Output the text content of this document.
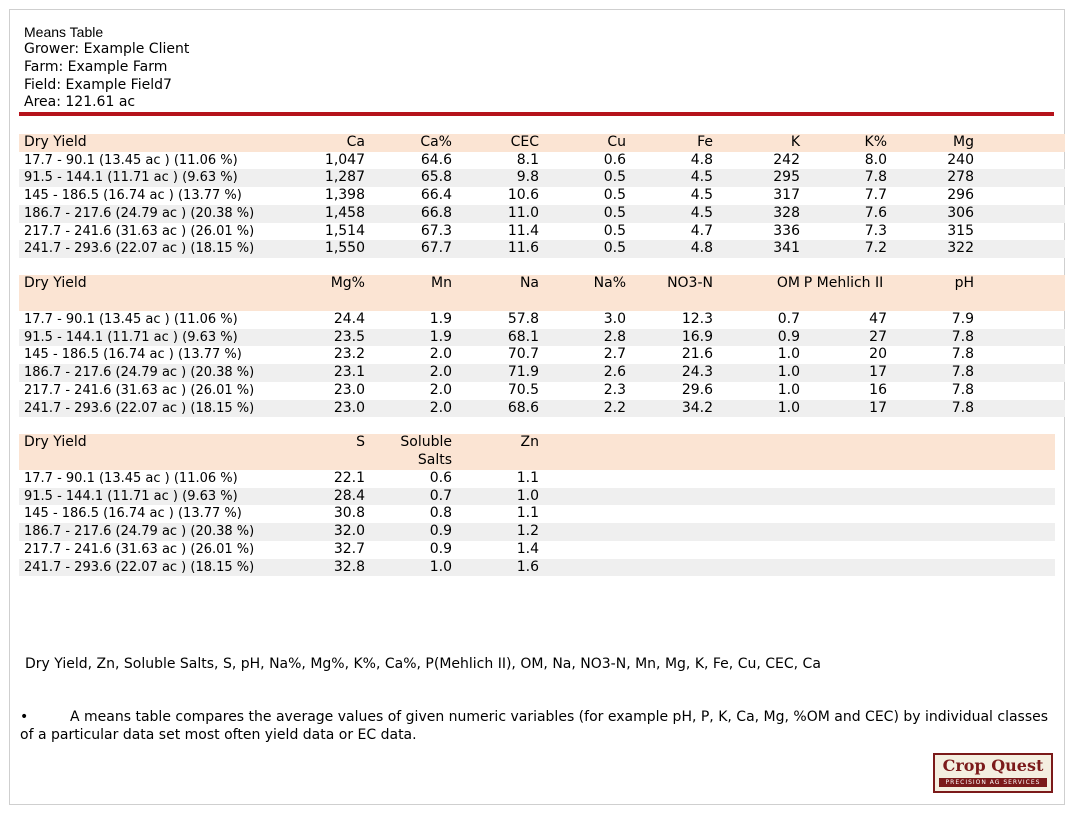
Means Table
Grower: Example Client
Farm: Example Farm
Field: Example Field7
Area: 121.61 ac
Dry Yield	Ca	Ca%	CEC	Cu	Fe	K	K%	Mg	
17.7 - 90.1 (13.45 ac ) (11.06 %)	1,047	64.6	8.1	0.6	4.8	242	8.0	240	
91.5 - 144.1 (11.71 ac ) (9.63 %)	1,287	65.8	9.8	0.5	4.5	295	7.8	278	
145 - 186.5 (16.74 ac ) (13.77 %)	1,398	66.4	10.6	0.5	4.5	317	7.7	296	
186.7 - 217.6 (24.79 ac ) (20.38 %)	1,458	66.8	11.0	0.5	4.5	328	7.6	306	
217.7 - 241.6 (31.63 ac ) (26.01 %)	1,514	67.3	11.4	0.5	4.7	336	7.3	315	
241.7 - 293.6 (22.07 ac ) (18.15 %)	1,550	67.7	11.6	0.5	4.8	341	7.2	322	
Dry Yield	Mg%	Mn	Na	Na%	NO3-N	OM	P Mehlich II	pH	
17.7 - 90.1 (13.45 ac ) (11.06 %)	24.4	1.9	57.8	3.0	12.3	0.7	47	7.9	
91.5 - 144.1 (11.71 ac ) (9.63 %)	23.5	1.9	68.1	2.8	16.9	0.9	27	7.8	
145 - 186.5 (16.74 ac ) (13.77 %)	23.2	2.0	70.7	2.7	21.6	1.0	20	7.8	
186.7 - 217.6 (24.79 ac ) (20.38 %)	23.1	2.0	71.9	2.6	24.3	1.0	17	7.8	
217.7 - 241.6 (31.63 ac ) (26.01 %)	23.0	2.0	70.5	2.3	29.6	1.0	16	7.8	
241.7 - 293.6 (22.07 ac ) (18.15 %)	23.0	2.0	68.6	2.2	34.2	1.0	17	7.8	
Dry Yield	S	Soluble Salts	Zn	
17.7 - 90.1 (13.45 ac ) (11.06 %)	22.1	0.6	1.1	
91.5 - 144.1 (11.71 ac ) (9.63 %)	28.4	0.7	1.0	
145 - 186.5 (16.74 ac ) (13.77 %)	30.8	0.8	1.1	
186.7 - 217.6 (24.79 ac ) (20.38 %)	32.0	0.9	1.2	
217.7 - 241.6 (31.63 ac ) (26.01 %)	32.7	0.9	1.4	
241.7 - 293.6 (22.07 ac ) (18.15 %)	32.8	1.0	1.6	
Dry Yield, Zn, Soluble Salts, S, pH, Na%, Mg%, K%, Ca%, P(Mehlich II), OM, Na, NO3-N, Mn, Mg, K, Fe, Cu, CEC, Ca
•	A means table compares the average values of given numeric variables (for example pH, P, K, Ca, Mg, %OM and CEC) by individual classes of a particular data set most often yield data or EC data.
Crop Quest
PRECISION AG SERVICES
